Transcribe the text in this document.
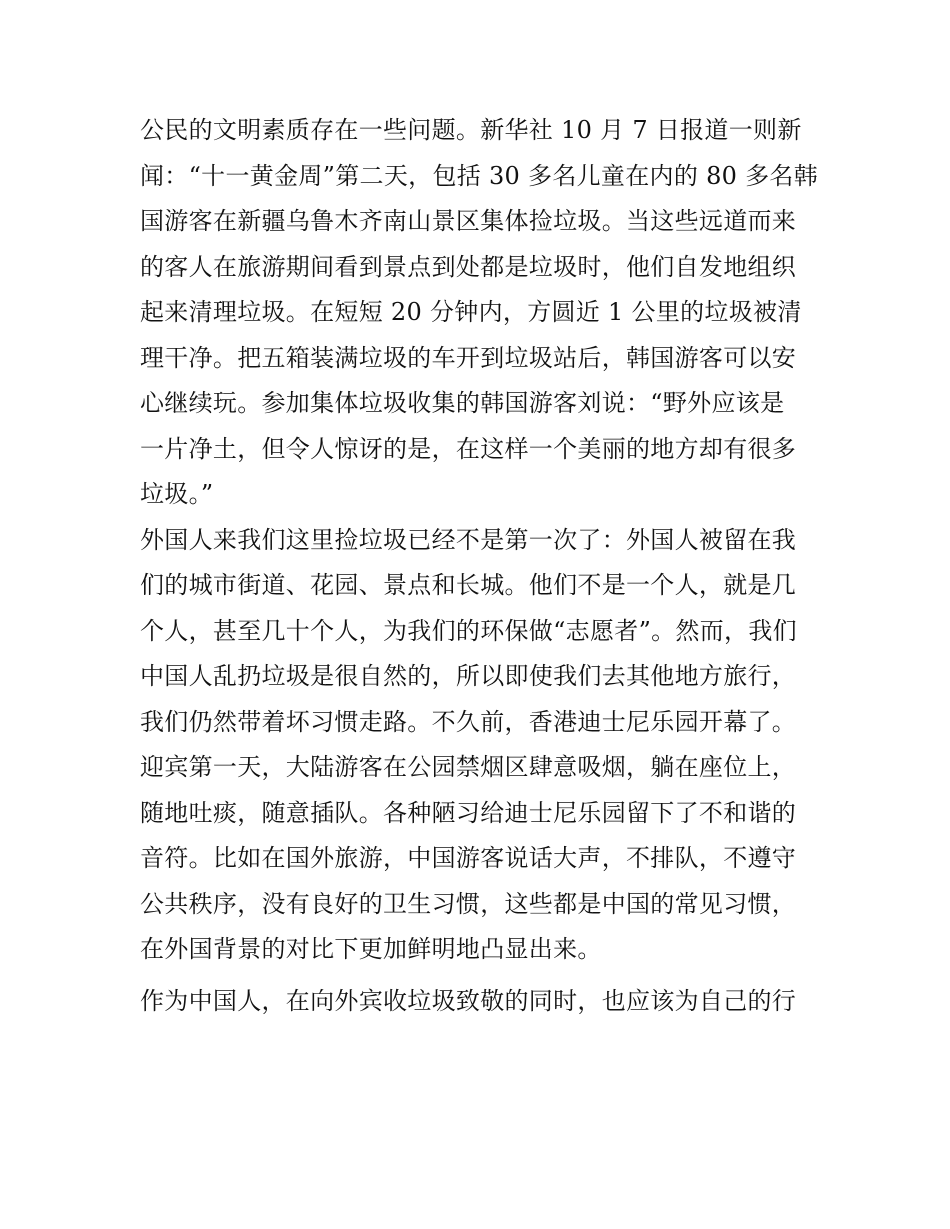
公民的文明素质存在一些问题。新华社 10 月 7 日报道一则新
闻：“十一黄金周”第二天，包括 30 多名儿童在内的 80 多名韩
国游客在新疆乌鲁木齐南山景区集体捡垃圾。当这些远道而来
的客人在旅游期间看到景点到处都是垃圾时，他们自发地组织
起来清理垃圾。在短短 20 分钟内，方圆近 1 公里的垃圾被清
理干净。把五箱装满垃圾的车开到垃圾站后，韩国游客可以安
心继续玩。参加集体垃圾收集的韩国游客刘说：“野外应该是
一片净土，但令人惊讶的是，在这样一个美丽的地方却有很多
垃圾。”
外国人来我们这里捡垃圾已经不是第一次了：外国人被留在我
们的城市街道、花园、景点和长城。他们不是一个人，就是几
个人，甚至几十个人，为我们的环保做“志愿者”。然而，我们
中国人乱扔垃圾是很自然的，所以即使我们去其他地方旅行，
我们仍然带着坏习惯走路。不久前，香港迪士尼乐园开幕了。
迎宾第一天，大陆游客在公园禁烟区肆意吸烟，躺在座位上，
随地吐痰，随意插队。各种陋习给迪士尼乐园留下了不和谐的
音符。比如在国外旅游，中国游客说话大声，不排队，不遵守
公共秩序，没有良好的卫生习惯，这些都是中国的常见习惯，
在外国背景的对比下更加鲜明地凸显出来。
作为中国人，在向外宾收垃圾致敬的同时，也应该为自己的行
